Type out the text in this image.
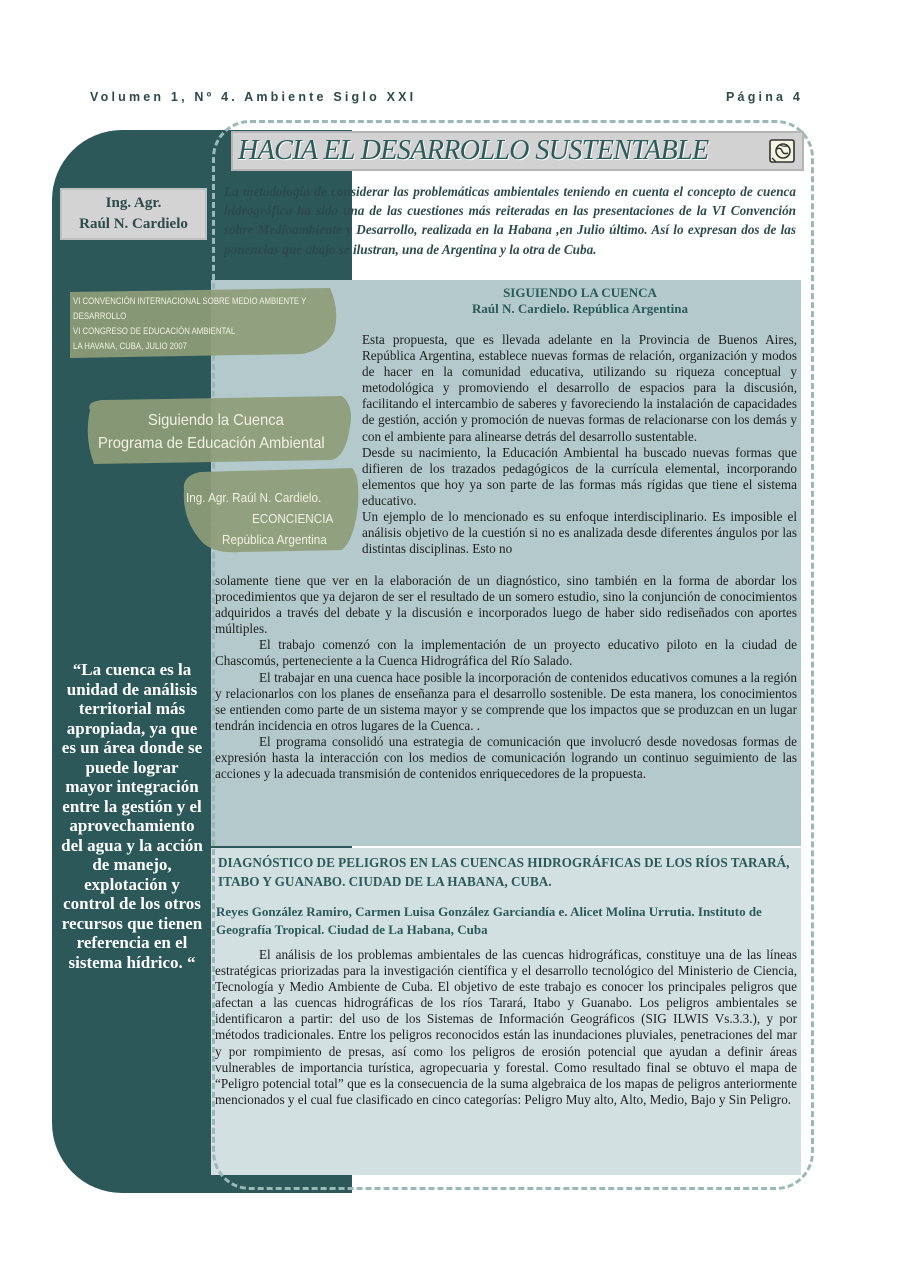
Volumen 1, Nº 4. Ambiente Siglo XXI	Página 4
HACIA EL DESARROLLO SUSTENTABLE
Ing. Agr.
Raúl N. Cardielo

La metodología de considerar las problemáticas ambientales teniendo en cuenta el concepto de cuenca hidrográfica ha sido una de las cuestiones más reiteradas en las presentaciones de la VI Convención sobre Medioambiente y Desarrollo, realizada en la Habana ,en Julio último. Así lo expresan dos de las ponencias que abajo se ilustran, una de Argentina y la otra de Cuba.

VI CONVENCIÓN INTERNACIONAL SOBRE MEDIO AMBIENTE Y
DESARROLLO
VI CONGRESO DE EDUCACIÓN AMBIENTAL
LA HAVANA, CUBA, JULIO 2007
Siguiendo la Cuenca
Programa de Educación Ambiental
Ing. Agr. Raúl N. Cardielo.
ECONCIENCIA
República Argentina
SIGUIENDO LA CUENCA
Raúl N. Cardielo. República Argentina

Esta propuesta, que es llevada adelante en la Provincia de Buenos Aires, República Argentina, establece nuevas formas de relación, organización y modos de hacer en la comunidad educativa, utilizando su riqueza conceptual y metodológica y promoviendo el desarrollo de espacios para la discusión, facilitando el intercambio de saberes y favoreciendo la instalación de capacidades de gestión, acción y promoción de nuevas formas de relacionarse con los demás y con el ambiente para alinearse detrás del desarrollo sustentable.

Desde su nacimiento, la Educación Ambiental ha buscado nuevas formas que difieren de los trazados pedagógicos de la currícula elemental, incorporando elementos que hoy ya son parte de las formas más rígidas que tiene el sistema educativo.

Un ejemplo de lo mencionado es su enfoque interdisciplinario. Es imposible el análisis objetivo de la cuestión si no es analizada desde diferentes ángulos por las distintas disciplinas. Esto no

solamente tiene que ver en la elaboración de un diagnóstico, sino también en la forma de abordar los procedimientos que ya dejaron de ser el resultado de un somero estudio, sino la conjunción de conocimientos adquiridos a través del debate y la discusión e incorporados luego de haber sido rediseñados con aportes múltiples.

El trabajo comenzó con la implementación de un proyecto educativo piloto en la ciudad de Chascomús, perteneciente a la Cuenca Hidrográfica del Río Salado.

El trabajar en una cuenca hace posible la incorporación de contenidos educativos comunes a la región y relacionarlos con los planes de enseñanza para el desarrollo sostenible. De esta manera, los conocimientos se entienden como parte de un sistema mayor y se comprende que los impactos que se produzcan en un lugar tendrán incidencia en otros lugares de la Cuenca. .

El programa consolidó una estrategia de comunicación que involucró desde novedosas formas de expresión hasta la interacción con los medios de comunicación logrando un continuo seguimiento de las acciones y la adecuada transmisión de contenidos enriquecedores de la propuesta.

“La cuenca es la unidad de análisis territorial más apropiada, ya que es un área donde se puede lograr mayor integración entre la gestión y el aprovechamiento del agua y la acción de manejo, explotación y control de los otros recursos que tienen referencia en el sistema hídrico. “
DIAGNÓSTICO DE PELIGROS EN LAS CUENCAS HIDROGRÁFICAS DE LOS RÍOS TARARÁ, ITABO Y GUANABO. CIUDAD DE LA HABANA, CUBA.
Reyes González Ramiro, Carmen Luisa González Garciandía e. Alicet Molina Urrutia. Instituto de Geografía Tropical. Ciudad de La Habana, Cuba

El análisis de los problemas ambientales de las cuencas hidrográficas, constituye una de las líneas estratégicas priorizadas para la investigación científica y el desarrollo tecnológico del Ministerio de Ciencia, Tecnología y Medio Ambiente de Cuba. El objetivo de este trabajo es conocer los principales peligros que afectan a las cuencas hidrográficas de los ríos Tarará, Itabo y Guanabo. Los peligros ambientales se identificaron a partir: del uso de los Sistemas de Información Geográficos (SIG ILWIS Vs.3.3.), y por métodos tradicionales. Entre los peligros reconocidos están las inundaciones pluviales, penetraciones del mar y por rompimiento de presas, así como los peligros de erosión potencial que ayudan a definir áreas vulnerables de importancia turística, agropecuaria y forestal. Como resultado final se obtuvo el mapa de “Peligro potencial total” que es la consecuencia de la suma algebraica de los mapas de peligros anteriormente mencionados y el cual fue clasificado en cinco categorías: Peligro Muy alto, Alto, Medio, Bajo y Sin Peligro.
